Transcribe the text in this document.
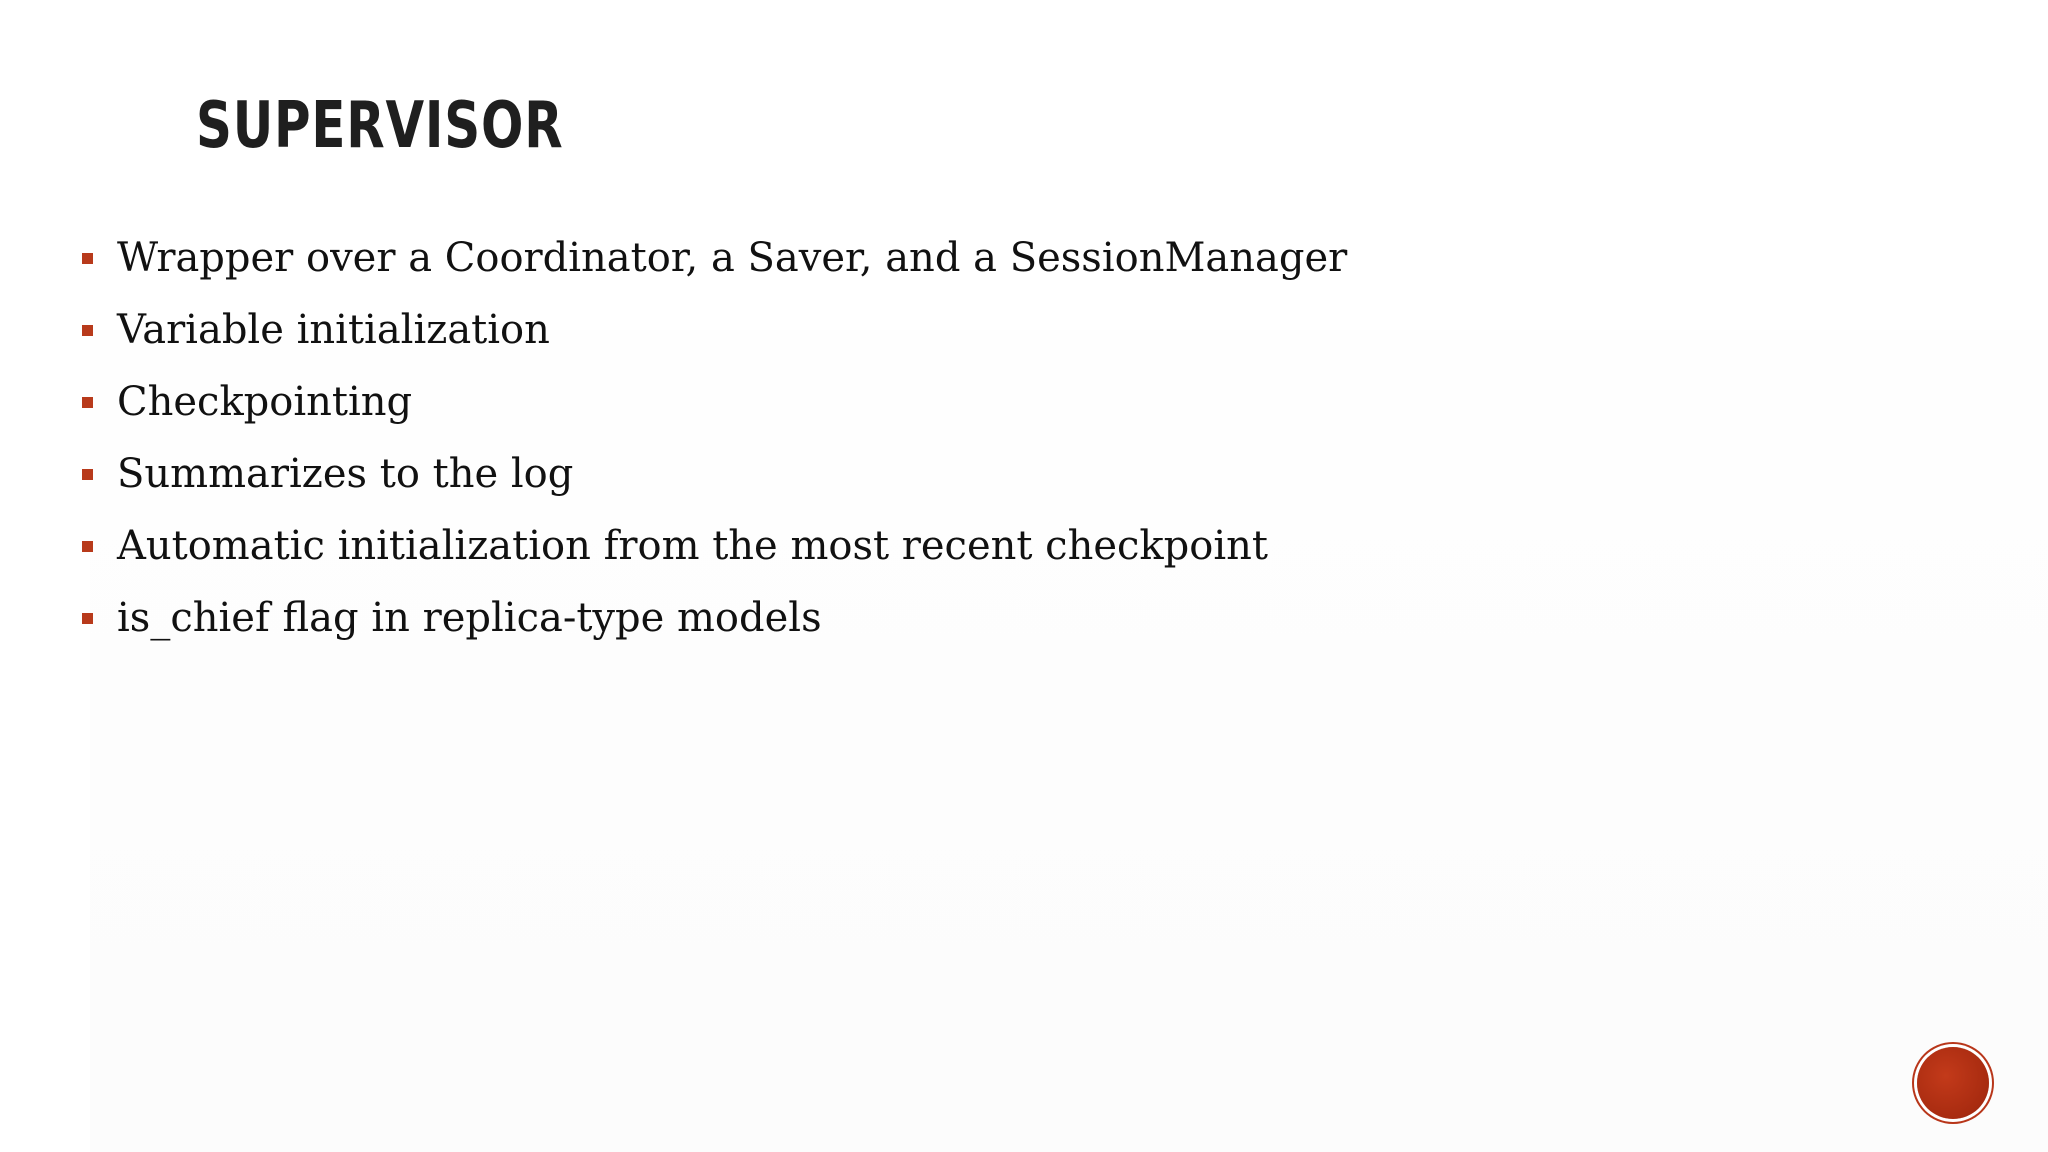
SUPERVISOR
Wrapper over a Coordinator, a Saver, and a SessionManager
Variable initialization
Checkpointing
Summarizes to the log
Automatic initialization from the most recent checkpoint
is_chief flag in replica-type models
